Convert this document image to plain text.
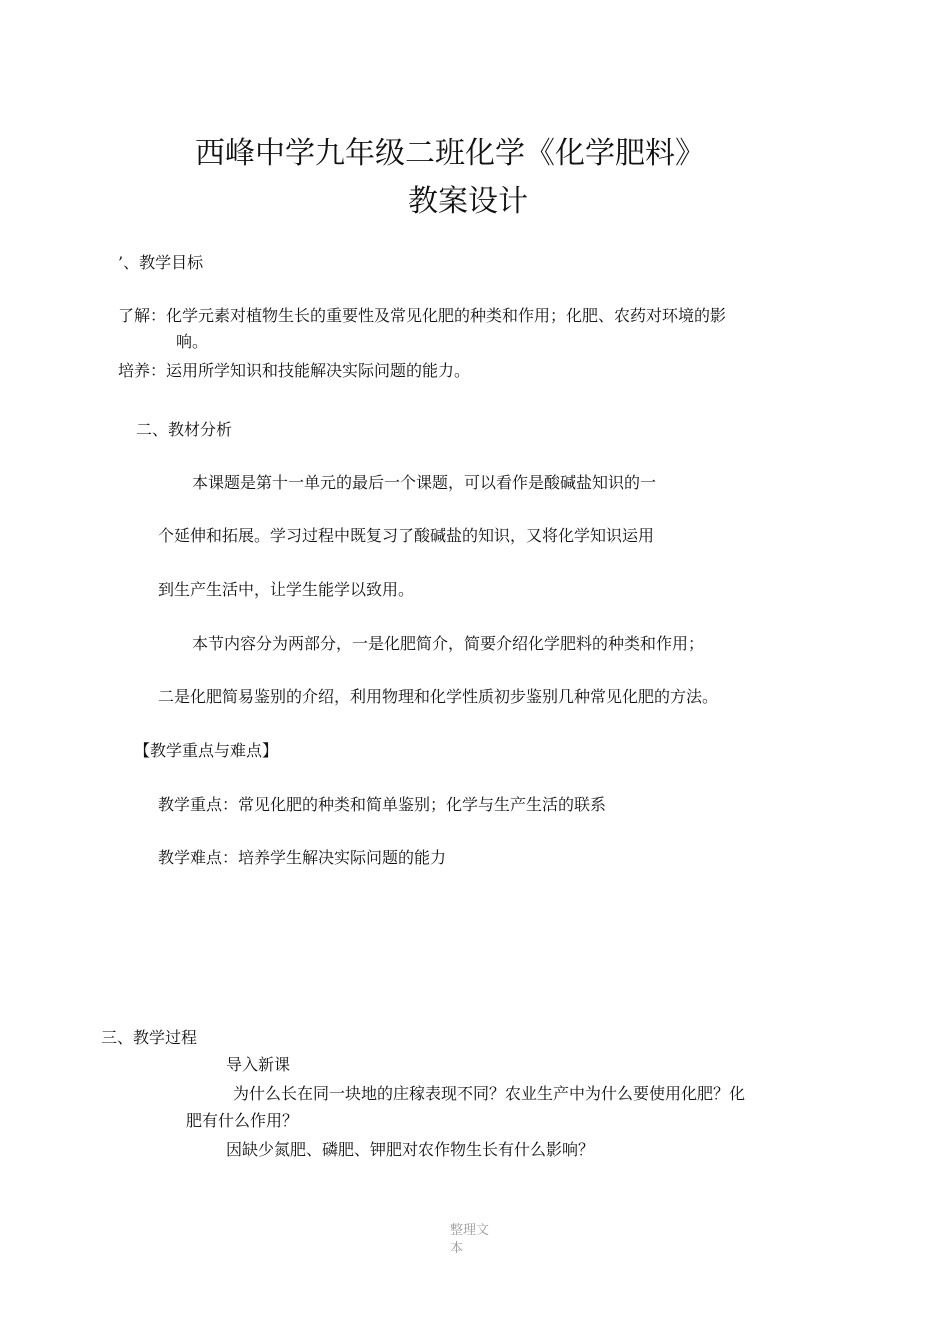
西峰中学九年级二班化学《化学肥料》
教案设计

’、教学目标

了解：化学元素对植物生长的重要性及常见化肥的种类和作用；化肥、农药对环境的影

响。

培养：运用所学知识和技能解决实际问题的能力。

二、教材分析

本课题是第十一单元的最后一个课题，可以看作是酸碱盐知识的一

个延伸和拓展。学习过程中既复习了酸碱盐的知识，又将化学知识运用

到生产生活中，让学生能学以致用。

本节内容分为两部分，一是化肥简介，简要介绍化学肥料的种类和作用；

二是化肥简易鉴别的介绍，利用物理和化学性质初步鉴别几种常见化肥的方法。

【教学重点与难点】

教学重点：常见化肥的种类和简单鉴别；化学与生产生活的联系

教学难点：培养学生解决实际问题的能力

三、教学过程

导入新课

为什么长在同一块地的庄稼表现不同？农业生产中为什么要使用化肥？化

肥有什么作用？

因缺少氮肥、磷肥、钾肥对农作物生长有什么影响？

整理文

本
